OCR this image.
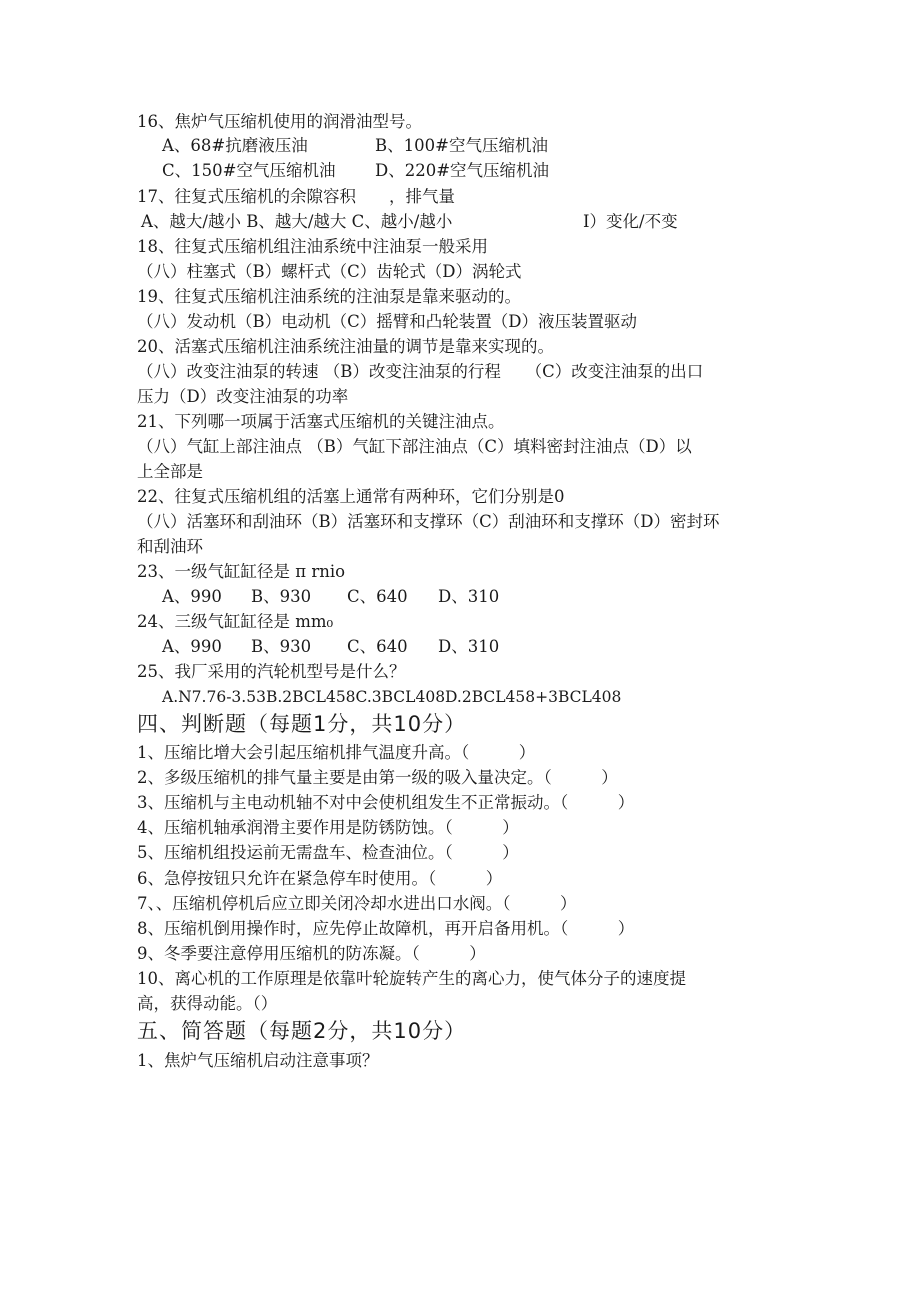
16、焦炉气压缩机使用的润滑油型号。
A、68#抗磨液压油	B、100#空气压缩机油
C、150#空气压缩机油 D、220#空气压缩机油
17、往复式压缩机的余隙容积　　，排气量
A、越大/越小 B、越大/越大 C、越小/越小	I）变化/不变
18、往复式压缩机组注油系统中注油泵一般采用
（八）柱塞式（B）螺杆式（C）齿轮式（D）涡轮式
19、往复式压缩机注油系统的注油泵是靠来驱动的。
（八）发动机（B）电动机（C）摇臂和凸轮装置（D）液压装置驱动
20、活塞式压缩机注油系统注油量的调节是靠来实现的。
（八）改变注油泵的转速 （B）改变注油泵的行程　　（C）改变注油泵的出口
压力（D）改变注油泵的功率
21、下列哪一项属于活塞式压缩机的关键注油点。
（八）气缸上部注油点 （B）气缸下部注油点（C）填料密封注油点（D）以
上全部是
22、往复式压缩机组的活塞上通常有两种环，它们分别是0
（八）活塞环和刮油环（B）活塞环和支撑环（C）刮油环和支撑环（D）密封环
和刮油环
23、一级气缸缸径是 π rnio
A、990 B、930 C、640 D、310
24、三级气缸缸径是 mm₀
A、990 B、930 C、640 D、310
25、我厂采用的汽轮机型号是什么？
A.N7.76-3.53B.2BCL458C.3BCL408D.2BCL458+3BCL408
四、判断题（每题1分，共10分）
1、压缩比增大会引起压缩机排气温度升高。（　　　）
2、多级压缩机的排气量主要是由第一级的吸入量决定。（　　　）
3、压缩机与主电动机轴不对中会使机组发生不正常振动。（　　　）
4、压缩机轴承润滑主要作用是防锈防蚀。（　　　）
5、压缩机组投运前无需盘车、检查油位。（　　　）
6、急停按钮只允许在紧急停车时使用。（　　　）
7、、压缩机停机后应立即关闭冷却水进出口水阀。（　　　）
8、压缩机倒用操作时，应先停止故障机，再开启备用机。（　　　）
9、冬季要注意停用压缩机的防冻凝。（　　　）
10、离心机的工作原理是依靠叶轮旋转产生的离心力，使气体分子的速度提
高，获得动能。（）
五、简答题（每题2分，共10分）
1、焦炉气压缩机启动注意事项？
